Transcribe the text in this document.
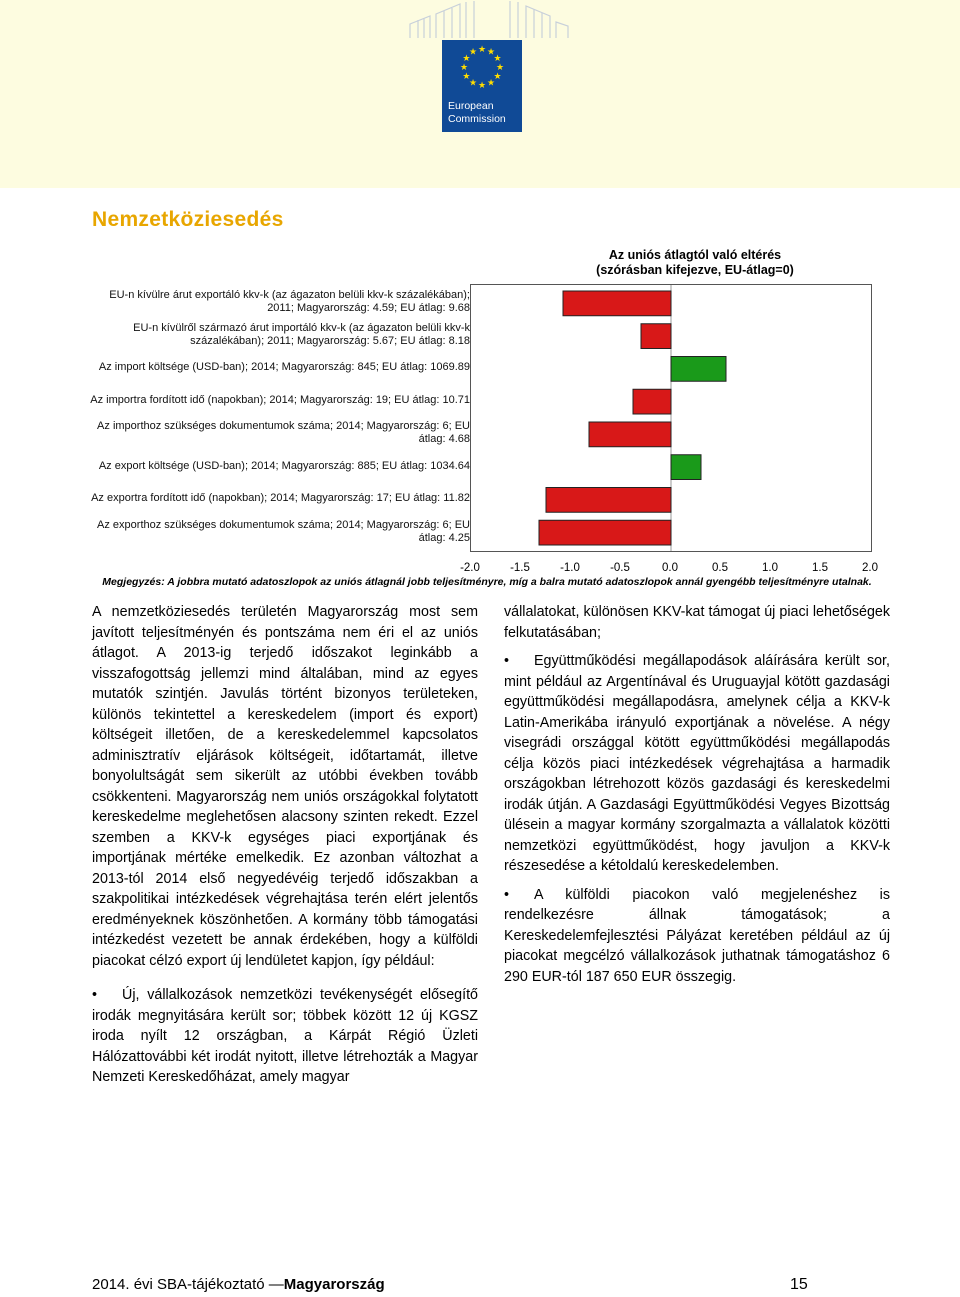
★ ★
★
★
★
★
★
★
★
★
★
★
European
Commission
Nemzetköziesedés
Az uniós átlagtól való eltérés (szórásban kifejezve, EU-átlag=0)
EU-n kívülre árut exportáló kkv-k (az ágazaton belüli kkv-k százalékában); 2011; Magyarország: 4.59; EU átlag: 9.68
EU-n kívülről származó árut importáló kkv-k (az ágazaton belüli kkv-k százalékában); 2011; Magyarország: 5.67; EU átlag: 8.18
Az import költsége (USD-ban); 2014; Magyarország: 845; EU átlag: 1069.89
Az importra fordított idő (napokban); 2014; Magyarország: 19; EU átlag: 10.71
Az importhoz szükséges dokumentumok száma; 2014; Magyarország: 6; EU átlag: 4.68
Az export költsége (USD-ban); 2014; Magyarország: 885; EU átlag: 1034.64
Az exportra fordított idő (napokban); 2014; Magyarország: 17; EU átlag: 11.82
Az exporthoz szükséges dokumentumok száma; 2014; Magyarország: 6; EU átlag: 4.25
-2.0	-1.5	-1.0	-0.5	0.0	0.5	1.0	1.5	2.0
Megjegyzés: A jobbra mutató adatoszlopok az uniós átlagnál jobb teljesítményre, míg a balra mutató adatoszlopok annál gyengébb teljesítményre utalnak.

A nemzetköziesedés területén Magyarország most sem javított teljesítményén és pontszáma nem éri el az uniós átlagot. A 2013-ig terjedő időszakot leginkább a visszafogottság jellemzi mind általában, mind az egyes mutatók szintjén. Javulás történt bizonyos területeken, különös tekintettel a kereskedelem (import és export) költségeit illetően, de a kereskedelemmel kapcsolatos adminisztratív eljárások költségeit, időtartamát, illetve bonyolultságát sem sikerült az utóbbi években tovább csökkenteni. Magyarország nem uniós országokkal folytatott kereskedelme meglehetősen alacsony szinten rekedt. Ezzel szemben a KKV-k egységes piaci exportjának és importjának mértéke emelkedik. Ez azonban változhat a 2013-tól 2014 első negyedévéig terjedő időszakban a szakpolitikai intézkedések végrehajtása terén elért jelentős eredményeknek köszönhetően. A kormány több támogatási intézkedést vezetett be annak érdekében, hogy a külföldi piacokat célzó export új lendületet kapjon, így például:

• Új, vállalkozások nemzetközi tevékenységét elősegítő irodák megnyitására került sor; többek között 12 új KGSZ iroda nyílt 12 országban, a Kárpát Régió Üzleti Hálózattovábbi két irodát nyitott, illetve létrehozták a Magyar Nemzeti Kereskedőházat, amely magyar

vállalatokat, különösen KKV-kat támogat új piaci lehetőségek felkutatásában;

• Együttműködési megállapodások aláírására került sor, mint például az Argentínával és Uruguayjal kötött gazdasági együttműködési megállapodásra, amelynek célja a KKV-k Latin-Amerikába irányuló exportjának a növelése. A négy visegrádi országgal kötött együttműködési megállapodás célja közös piaci intézkedések végrehajtása a harmadik országokban létrehozott közös gazdasági és kereskedelmi irodák útján. A Gazdasági Együttműködési Vegyes Bizottság ülésein a magyar kormány szorgalmazta a vállalatok közötti nemzetközi együttműködést, hogy javuljon a KKV-k részesedése a kétoldalú kereskedelemben.

• A külföldi piacokon való megjelenéshez is rendelkezésre állnak támogatások; a Kereskedelemfejlesztési Pályázat keretében például az új piacokat megcélzó vállalkozások juthatnak támogatáshoz 6 290 EUR-tól 187 650 EUR összegig.

2014. évi SBA-tájékoztató —Magyarország	15
